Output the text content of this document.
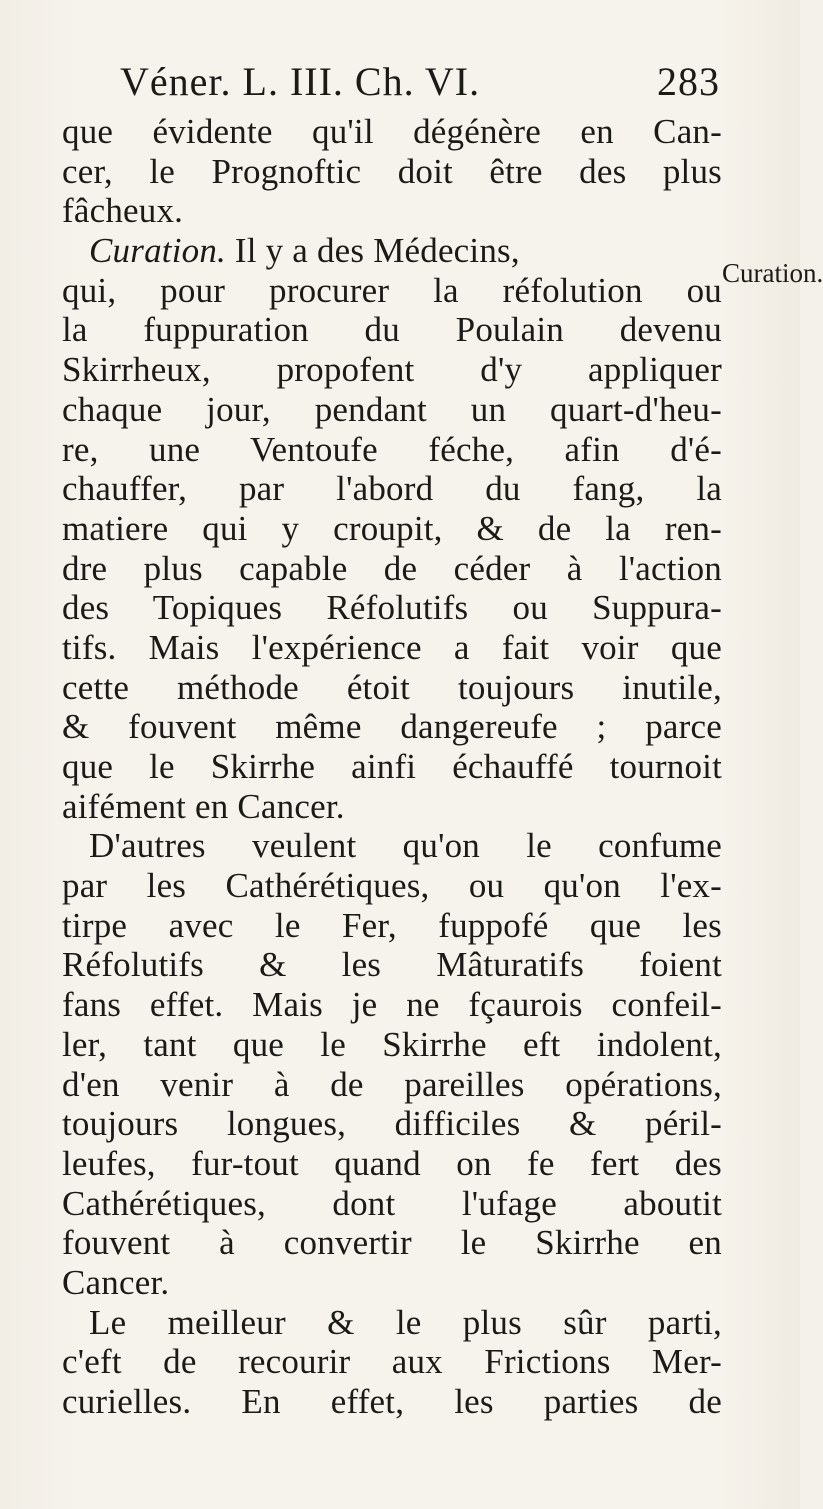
Véner. L. III. Ch. VI.	283
Curation.
que évidente qu'il dégénère en Can-
cer, le Prognoftic doit être des plus
fâcheux.
Curation. Il y a des Médecins,
qui, pour procurer la réfolution ou
la fuppuration du Poulain devenu
Skirrheux, propofent d'y appliquer
chaque jour, pendant un quart-d'heu-
re, une Ventoufe féche, afin d'é-
chauffer, par l'abord du fang, la
matiere qui y croupit, & de la ren-
dre plus capable de céder à l'action
des Topiques Réfolutifs ou Suppura-
tifs. Mais l'expérience a fait voir que
cette méthode étoit toujours inutile,
& fouvent même dangereufe ; parce
que le Skirrhe ainfi échauffé tournoit
aifément en Cancer.
D'autres veulent qu'on le confume
par les Cathérétiques, ou qu'on l'ex-
tirpe avec le Fer, fuppofé que les
Réfolutifs & les Mâturatifs foient
fans effet. Mais je ne fçaurois confeil-
ler, tant que le Skirrhe eft indolent,
d'en venir à de pareilles opérations,
toujours longues, difficiles & péril-
leufes, fur-tout quand on fe fert des
Cathérétiques, dont l'ufage aboutit
fouvent à convertir le Skirrhe en
Cancer.
Le meilleur & le plus sûr parti,
c'eft de recourir aux Frictions Mer-
curielles. En effet, les parties de
